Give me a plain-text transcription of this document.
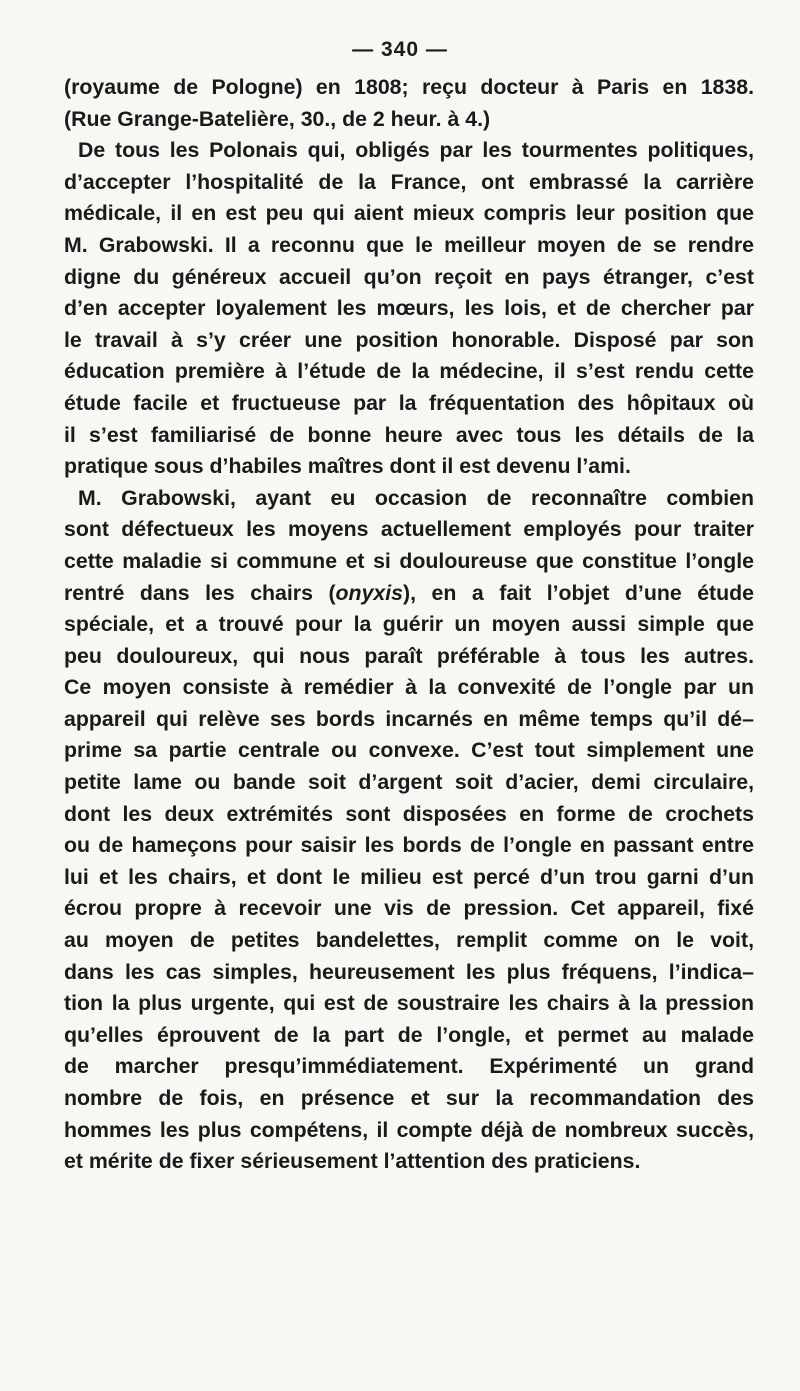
— 340 —
(royaume de Pologne) en 1808; reçu docteur à Paris en 1838.
(Rue Grange-Batelière, 30., de 2 heur. à 4.)
De tous les Polonais qui, obligés par les tourmentes politiques,
d’accepter l’hospitalité de la France, ont embrassé la carrière
médicale, il en est peu qui aient mieux compris leur position que
M. Grabowski. Il a reconnu que le meilleur moyen de se rendre
digne du généreux accueil qu’on reçoit en pays étranger, c’est
d’en accepter loyalement les mœurs, les lois, et de chercher par
le travail à s’y créer une position honorable. Disposé par son
éducation première à l’étude de la médecine, il s’est rendu cette
étude facile et fructueuse par la fréquentation des hôpitaux où
il s’est familiarisé de bonne heure avec tous les détails de la
pratique sous d’habiles maîtres dont il est devenu l’ami.
M. Grabowski, ayant eu occasion de reconnaître combien
sont défectueux les moyens actuellement employés pour traiter
cette maladie si commune et si douloureuse que constitue l’ongle
rentré dans les chairs (onyxis), en a fait l’objet d’une étude
spéciale, et a trouvé pour la guérir un moyen aussi simple que
peu douloureux, qui nous paraît préférable à tous les autres.
Ce moyen consiste à remédier à la convexité de l’ongle par un
appareil qui relève ses bords incarnés en même temps qu’il dé–
prime sa partie centrale ou convexe. C’est tout simplement une
petite lame ou bande soit d’argent soit d’acier, demi circulaire,
dont les deux extrémités sont disposées en forme de crochets
ou de hameçons pour saisir les bords de l’ongle en passant entre
lui et les chairs, et dont le milieu est percé d’un trou garni d’un
écrou propre à recevoir une vis de pression. Cet appareil, fixé
au moyen de petites bandelettes, remplit comme on le voit,
dans les cas simples, heureusement les plus fréquens, l’indica–
tion la plus urgente, qui est de soustraire les chairs à la pression
qu’elles éprouvent de la part de l’ongle, et permet au malade
de marcher presqu’immédiatement. Expérimenté un grand
nombre de fois, en présence et sur la recommandation des
hommes les plus compétens, il compte déjà de nombreux succès,
et mérite de fixer sérieusement l’attention des praticiens.
